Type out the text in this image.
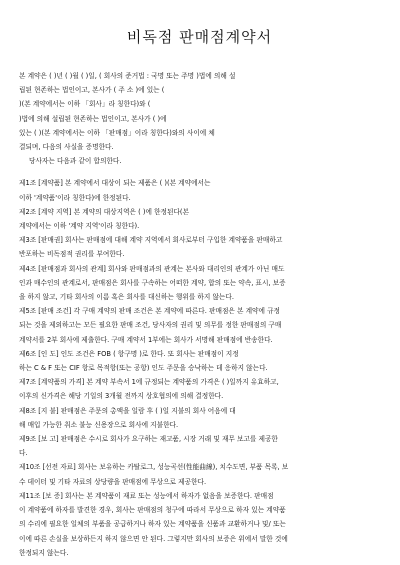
비독점 판매점계약서

본 계약은 ( )년 ( )월 ( )일, ( 회사의 준거법 : 국명 또는 주명 )법에 의해 설
립된 현존하는 법인이고, 본사가 ( 주 소 )에 있는 (
)(본 계약에서는 이하 「회사」라 칭한다)와 (
)법에 의해 설립된 현존하는 법인이고, 본사가 ( )에
있는 ( )(본 계약에서는 이하 「판매점」이라 칭한다)와의 사이에 체
결되며, 다음의 사실을 증명한다.

당사자는 다음과 같이 합의한다.

제1조 [계약품] 본 계약에서 대상이 되는 제품은 ( )(본 계약에서는
이하 '계약품'이라 칭한다)에 한정된다.

제2조 [계약 지역] 본 계약의 대상지역은 ( )에 한정된다(본
계약에서는 이하 '계약 지역'이라 칭한다).

제3조 [판매권] 회사는 판매점에 대해 계약 지역에서 회사로부터 구입한 계약품을 판매하고
반포하는 비독점적 권리를 부여한다.

제4조 [판매점과 회사의 관계] 회사와 판매점과의 관계는 본사와 대리인의 관계가 아닌 매도
인과 매수인의 관계로서, 판매점은 회사를 구속하는 어떠한 계약, 합의 또는 약속, 표시, 보증
을 하지 않고, 기타 회사의 이름 혹은 회사를 대신하는 행위를 하지 않는다.

제5조 [판매 조건] 각 구매 계약의 판매 조건은 본 계약에 따른다. 판매점은 본 계약에 규정
되는 것을 제외하고는 모든 필요한 판매 조건, 당사자의 권리 및 의무를 정한 판매점의 구매
계약서를 2부 회사에 제출한다. 구매 계약서 1부에는 회사가 서명해 판매점에 반송한다.

제6조 [인 도] 인도 조건은 FOB ( 항구명 )로 한다. 또 회사는 판매점이 지정
하는 C & F 또는 CIF 항로 목적항(또는 공항) 인도 주문을 승낙하는 데 응하지 않는다.

제7조 [계약품의 가격] 본 계약 부속서 1에 규정되는 계약품의 가격은 ( )일까지 유효하고,
이후의 신가격은 해당 기일의 3개월 전까지 상호협의에 의해 결정한다.

제8조 [지 불] 판매점은 주문의 총액을 일람 후 ( )일 지불의 회사 어음에 대
해 매입 가능한 취소 불능 신용장으로 회사에 지불한다.

제9조 [보 고] 판매점은 수시로 회사가 요구하는 재고품, 시장 거래 및 재무 보고를 제공한
다.

제10조 [선전 자료] 회사는 보유하는 카탈로그, 성능곡선(性能曲線), 치수도면, 부품 목록, 보
수 데이터 및 기타 자료의 상당량을 판매점에 무상으로 제공한다.

제11조 [보 증] 회사는 본 계약품이 재료 또는 성능에서 하자가 없음을 보증한다. 판매점
이 계약품에 하자를 발견한 경우, 회사는 판매점의 청구에 따라서 무상으로 하자 있는 계약품
의 수리에 필요한 일체의 부품을 공급하거나 하자 있는 계약품을 신품과 교환하거나 및/ 또는
이에 따른 손실을 보상하든지 하지 않으면 안 된다. 그렇지만 회사의 보증은 위에서 말한 것에
한정되지 않는다.
